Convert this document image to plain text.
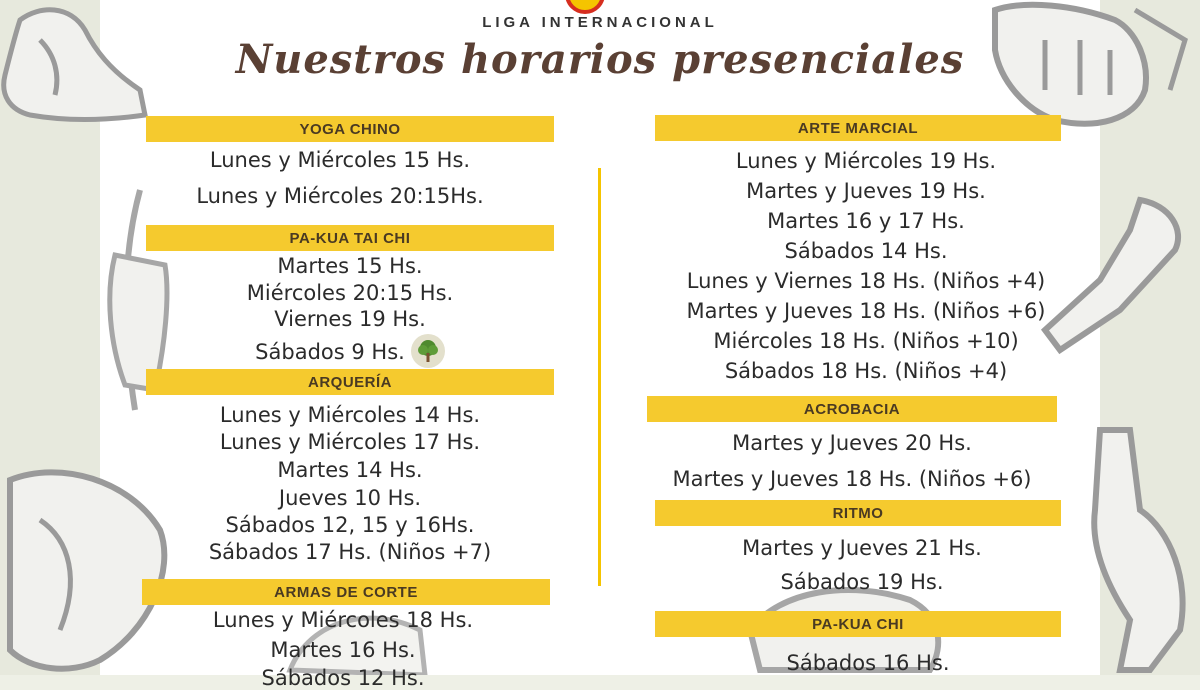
LIGA INTERNACIONAL
Nuestros horarios presenciales
YOGA CHINO
Lunes y Miércoles 15 Hs.
Lunes y Miércoles 20:15Hs.
PA-KUA TAI CHI
Martes 15 Hs.
Miércoles 20:15 Hs.
Viernes 19 Hs.
Sábados 9 Hs.
ARQUERÍA
Lunes y Miércoles 14 Hs.
Lunes y Miércoles 17 Hs.
Martes 14 Hs.
Jueves 10 Hs.
Sábados 12, 15 y 16Hs.
Sábados 17 Hs. (Niños +7)
ARMAS DE CORTE
Lunes y Miércoles 18 Hs.
Martes 16 Hs.
Sábados 12 Hs.
ARTE MARCIAL
Lunes y Miércoles 19 Hs.
Martes y Jueves 19 Hs.
Martes 16 y 17 Hs.
Sábados 14 Hs.
Lunes y Viernes 18 Hs. (Niños +4)
Martes y Jueves 18 Hs. (Niños +6)
Miércoles 18 Hs. (Niños +10)
Sábados 18 Hs. (Niños +4)
ACROBACIA
Martes y Jueves 20 Hs.
Martes y Jueves 18 Hs. (Niños +6)
RITMO
Martes y Jueves 21 Hs.
Sábados 19 Hs.
PA-KUA CHI
Sábados 16 Hs.
